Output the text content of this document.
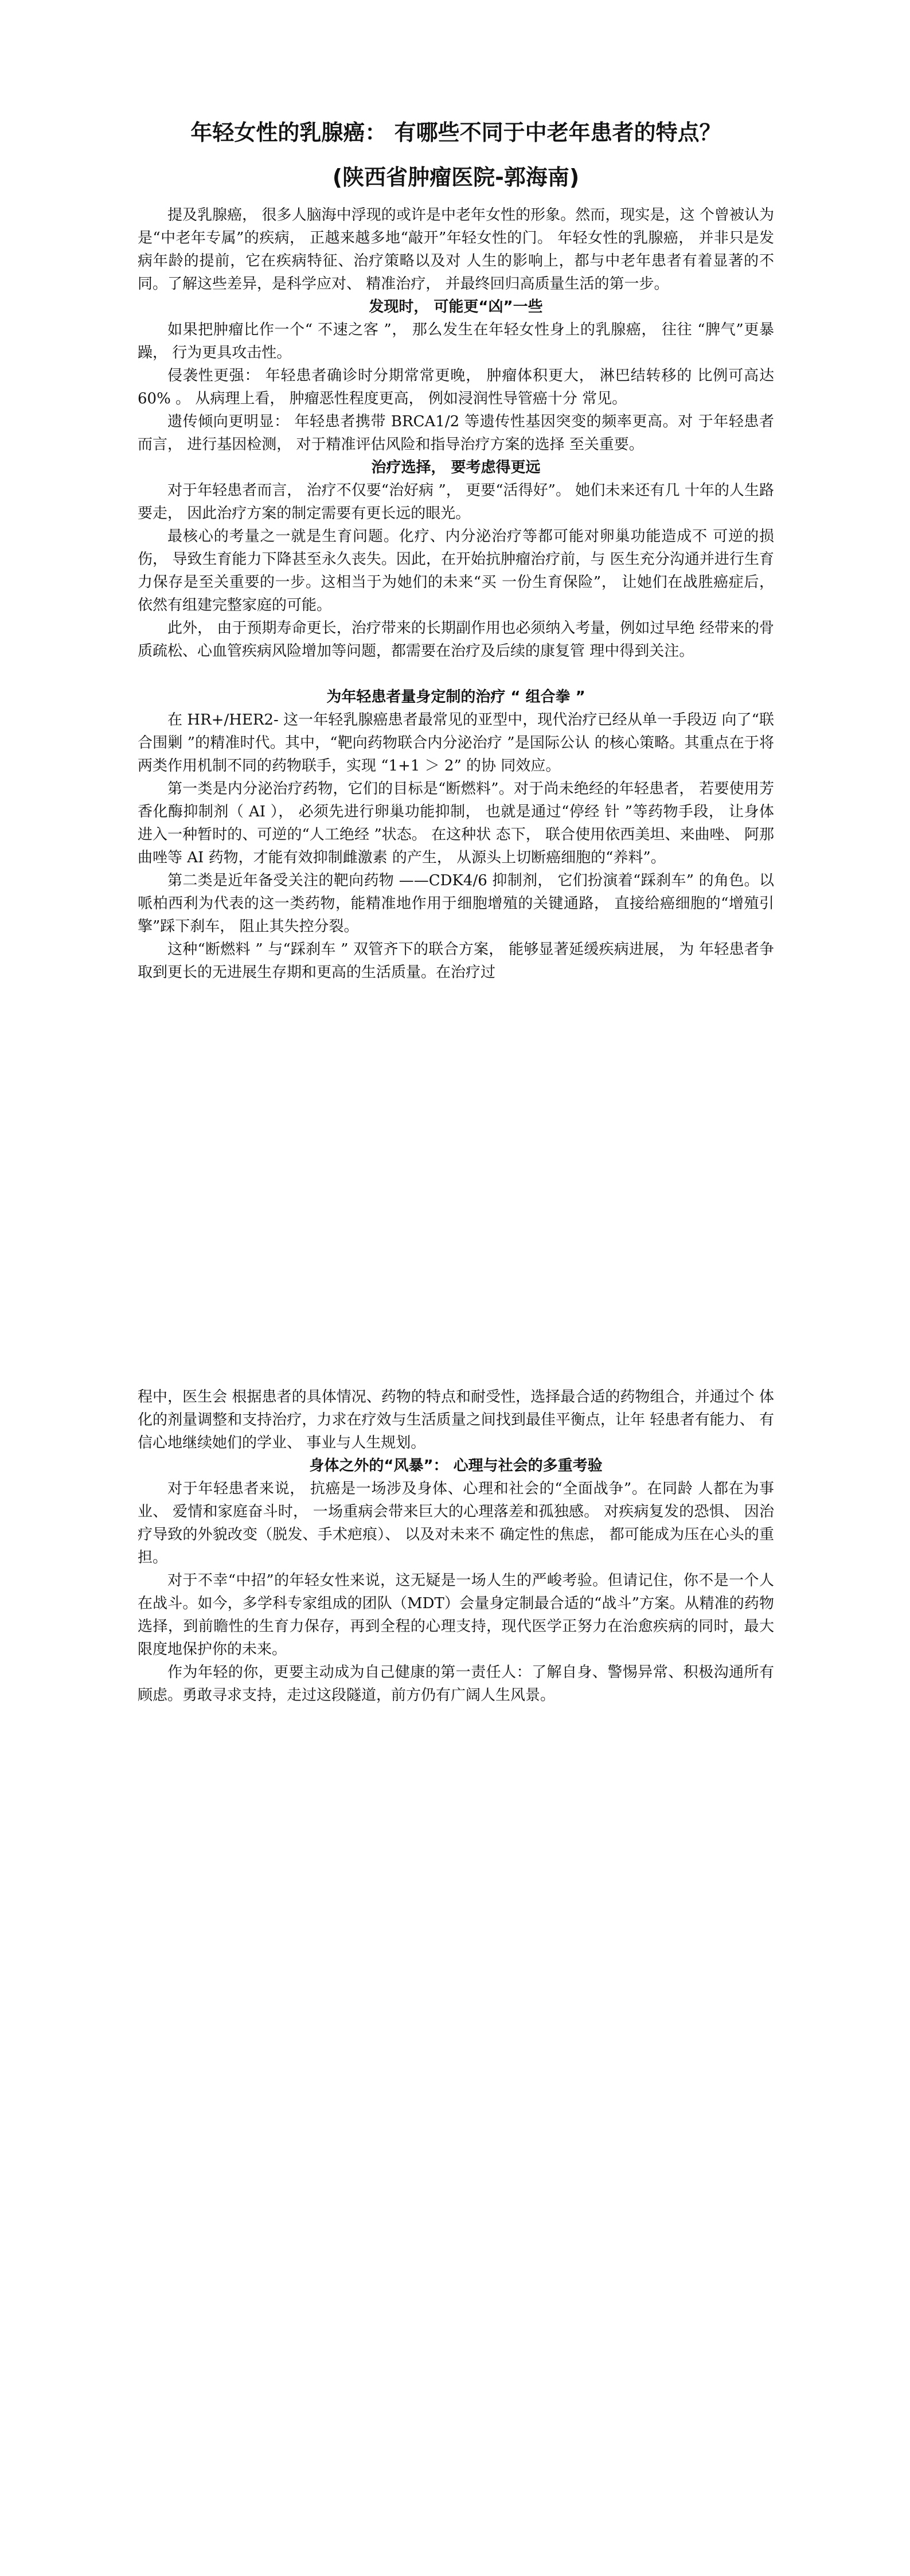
年轻女性的乳腺癌： 有哪些不同于中老年患者的特点？
(陕西省肿瘤医院-郭海南)

提及乳腺癌， 很多人脑海中浮现的或许是中老年女性的形象。然而，现实是，这 个曾被认为是“中老年专属”的疾病， 正越来越多地“敲开”年轻女性的门。 年轻女性的乳腺癌， 并非只是发病年龄的提前，它在疾病特征、治疗策略以及对 人生的影响上，都与中老年患者有着显著的不同。了解这些差异，是科学应对、 精准治疗， 并最终回归高质量生活的第一步。

发现时， 可能更“凶”一些

如果把肿瘤比作一个“ 不速之客 ”， 那么发生在年轻女性身上的乳腺癌， 往往 “脾气”更暴躁， 行为更具攻击性。

侵袭性更强： 年轻患者确诊时分期常常更晚， 肿瘤体积更大， 淋巴结转移的 比例可高达 60% 。 从病理上看， 肿瘤恶性程度更高， 例如浸润性导管癌十分 常见。

遗传倾向更明显： 年轻患者携带 BRCA1/2 等遗传性基因突变的频率更高。对 于年轻患者而言， 进行基因检测， 对于精准评估风险和指导治疗方案的选择 至关重要。

治疗选择， 要考虑得更远

对于年轻患者而言， 治疗不仅要“治好病 ”， 更要“活得好”。 她们未来还有几 十年的人生路要走， 因此治疗方案的制定需要有更长远的眼光。

最核心的考量之一就是生育问题。化疗、内分泌治疗等都可能对卵巢功能造成不 可逆的损伤， 导致生育能力下降甚至永久丧失。因此，在开始抗肿瘤治疗前，与 医生充分沟通并进行生育力保存是至关重要的一步。这相当于为她们的未来“买 一份生育保险”， 让她们在战胜癌症后， 依然有组建完整家庭的可能。

此外， 由于预期寿命更长，治疗带来的长期副作用也必须纳入考量，例如过早绝 经带来的骨质疏松、心血管疾病风险增加等问题，都需要在治疗及后续的康复管 理中得到关注。

为年轻患者量身定制的治疗 “ 组合拳 ”

在 HR+/HER2- 这一年轻乳腺癌患者最常见的亚型中，现代治疗已经从单一手段迈 向了“联合围剿 ”的精准时代。其中，“靶向药物联合内分泌治疗 ”是国际公认 的核心策略。其重点在于将两类作用机制不同的药物联手，实现 “1+1 ＞ 2” 的协 同效应。

第一类是内分泌治疗药物，它们的目标是“断燃料”。对于尚未绝经的年轻患者， 若要使用芳香化酶抑制剂（ AI ）， 必须先进行卵巢功能抑制， 也就是通过“停经 针 ”等药物手段， 让身体进入一种暂时的、可逆的“人工绝经 ”状态。 在这种状 态下， 联合使用依西美坦、来曲唑、 阿那曲唑等 AI 药物，才能有效抑制雌激素 的产生， 从源头上切断癌细胞的“养料”。

第二类是近年备受关注的靶向药物 ——CDK4/6 抑制剂， 它们扮演着“踩刹车” 的角色。以哌柏西利为代表的这一类药物，能精准地作用于细胞增殖的关键通路， 直接给癌细胞的“增殖引擎”踩下刹车， 阻止其失控分裂。

这种“断燃料 ” 与“踩刹车 ” 双管齐下的联合方案， 能够显著延缓疾病进展， 为 年轻患者争取到更长的无进展生存期和更高的生活质量。在治疗过

程中，医生会 根据患者的具体情况、药物的特点和耐受性，选择最合适的药物组合，并通过个 体化的剂量调整和支持治疗，力求在疗效与生活质量之间找到最佳平衡点，让年 轻患者有能力、 有信心地继续她们的学业、 事业与人生规划。

身体之外的“风暴”： 心理与社会的多重考验

对于年轻患者来说， 抗癌是一场涉及身体、心理和社会的“全面战争”。在同龄 人都在为事业、 爱情和家庭奋斗时， 一场重病会带来巨大的心理落差和孤独感。 对疾病复发的恐惧、 因治疗导致的外貌改变（脱发、手术疤痕）、 以及对未来不 确定性的焦虑， 都可能成为压在心头的重担。

对于不幸“中招”的年轻女性来说，这无疑是一场人生的严峻考验。但请记住，你不是一个人在战斗。如今，多学科专家组成的团队（MDT）会量身定制最合适的“战斗”方案。从精准的药物选择，到前瞻性的生育力保存，再到全程的心理支持，现代医学正努力在治愈疾病的同时，最大限度地保护你的未来。

作为年轻的你，更要主动成为自己健康的第一责任人：了解自身、警惕异常、积极沟通所有顾虑。勇敢寻求支持，走过这段隧道，前方仍有广阔人生风景。
